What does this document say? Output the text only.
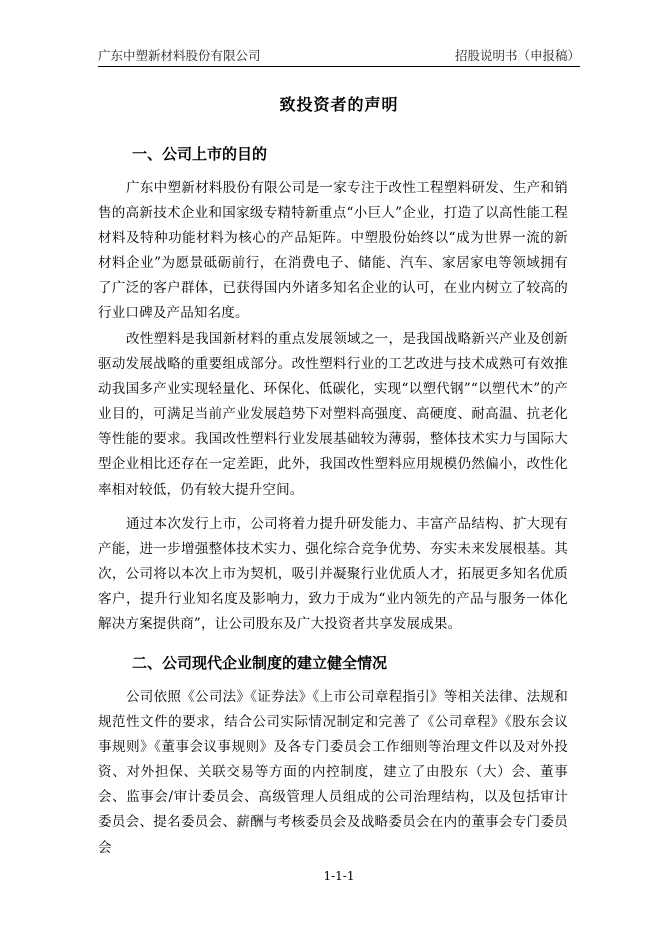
广东中塑新材料股份有限公司	招股说明书（申报稿）
致投资者的声明
一、公司上市的目的

广东中塑新材料股份有限公司是一家专注于改性工程塑料研发、生产和销售的高新技术企业和国家级专精特新重点“小巨人”企业，打造了以高性能工程材料及特种功能材料为核心的产品矩阵。中塑股份始终以“成为世界一流的新材料企业”为愿景砥砺前行，在消费电子、储能、汽车、家居家电等领域拥有了广泛的客户群体，已获得国内外诸多知名企业的认可，在业内树立了较高的行业口碑及产品知名度。

改性塑料是我国新材料的重点发展领域之一，是我国战略新兴产业及创新驱动发展战略的重要组成部分。改性塑料行业的工艺改进与技术成熟可有效推动我国多产业实现轻量化、环保化、低碳化，实现“以塑代钢”“以塑代木”的产业目的，可满足当前产业发展趋势下对塑料高强度、高硬度、耐高温、抗老化等性能的要求。我国改性塑料行业发展基础较为薄弱，整体技术实力与国际大型企业相比还存在一定差距，此外，我国改性塑料应用规模仍然偏小，改性化率相对较低，仍有较大提升空间。

通过本次发行上市，公司将着力提升研发能力、丰富产品结构、扩大现有产能，进一步增强整体技术实力、强化综合竞争优势、夯实未来发展根基。其次，公司将以本次上市为契机，吸引并凝聚行业优质人才，拓展更多知名优质客户，提升行业知名度及影响力，致力于成为“业内领先的产品与服务一体化解决方案提供商”，让公司股东及广大投资者共享发展成果。

二、公司现代企业制度的建立健全情况

公司依照《公司法》《证券法》《上市公司章程指引》等相关法律、法规和规范性文件的要求，结合公司实际情况制定和完善了《公司章程》《股东会议事规则》《董事会议事规则》及各专门委员会工作细则等治理文件以及对外投资、对外担保、关联交易等方面的内控制度，建立了由股东（大）会、董事会、监事会/审计委员会、高级管理人员组成的公司治理结构，以及包括审计委员会、提名委员会、薪酬与考核委员会及战略委员会在内的董事会专门委员会

1-1-1
